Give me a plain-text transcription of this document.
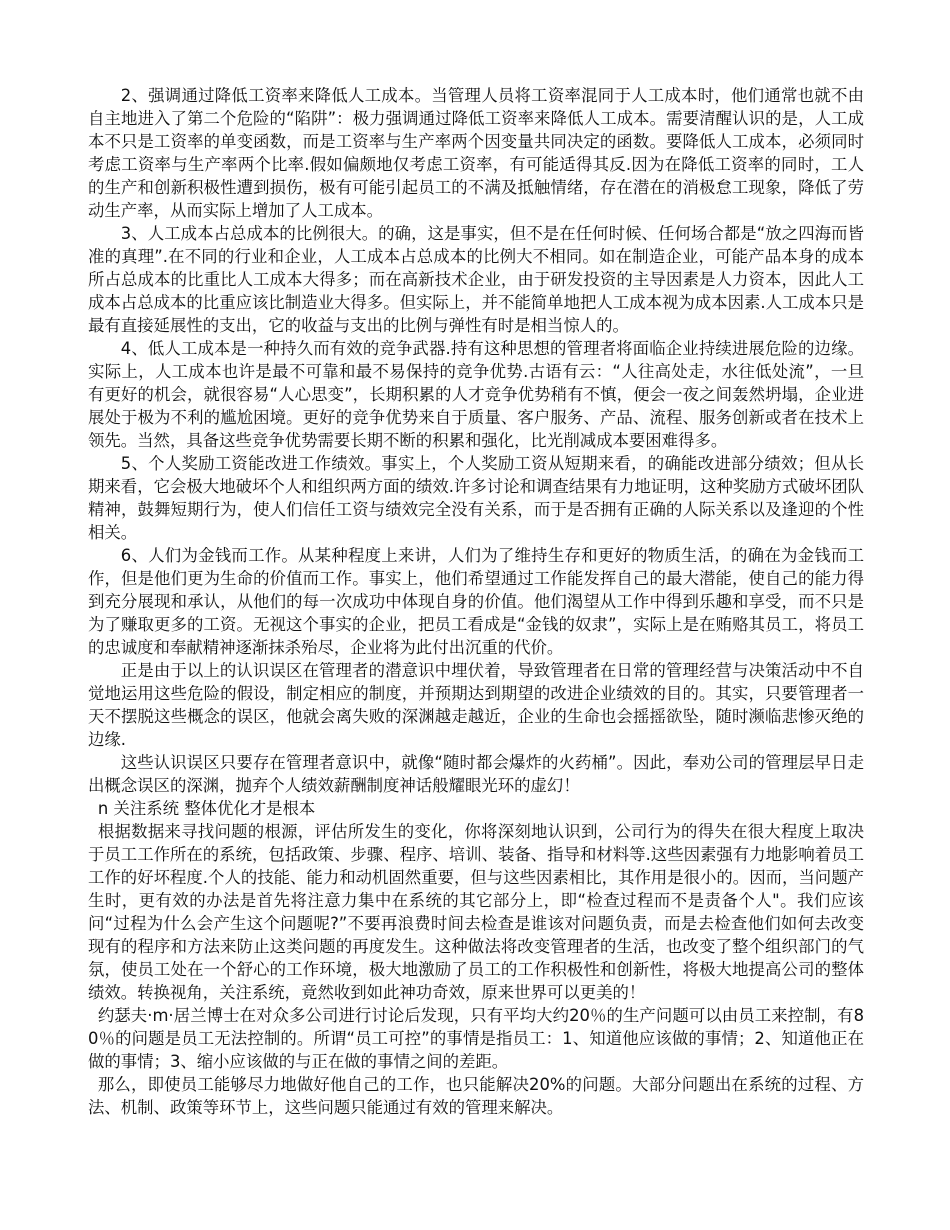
2、强调通过降低工资率来降低人工成本。当管理人员将工资率混同于人工成本时，他们通常也就不由自主地进入了第二个危险的“陷阱”：极力强调通过降低工资率来降低人工成本。需要清醒认识的是，人工成本不只是工资率的单变函数，而是工资率与生产率两个因变量共同决定的函数。要降低人工成本，必须同时考虑工资率与生产率两个比率.假如偏颇地仅考虑工资率，有可能适得其反.因为在降低工资率的同时，工人的生产和创新积极性遭到损伤，极有可能引起员工的不满及抵触情绪，存在潜在的消极怠工现象，降低了劳动生产率，从而实际上增加了人工成本。

3、人工成本占总成本的比例很大。的确，这是事实，但不是在任何时候、任何场合都是“放之四海而皆准的真理”.在不同的行业和企业，人工成本占总成本的比例大不相同。如在制造企业，可能产品本身的成本所占总成本的比重比人工成本大得多；而在高新技术企业，由于研发投资的主导因素是人力资本，因此人工成本占总成本的比重应该比制造业大得多。但实际上，并不能简单地把人工成本视为成本因素.人工成本只是最有直接延展性的支出，它的收益与支出的比例与弹性有时是相当惊人的。

4、低人工成本是一种持久而有效的竞争武器.持有这种思想的管理者将面临企业持续进展危险的边缘。实际上，人工成本也许是最不可靠和最不易保持的竞争优势.古语有云：“人往高处走，水往低处流”，一旦有更好的机会，就很容易“人心思变”，长期积累的人才竞争优势稍有不慎，便会一夜之间轰然坍塌，企业进展处于极为不利的尴尬困境。更好的竞争优势来自于质量、客户服务、产品、流程、服务创新或者在技术上领先。当然，具备这些竞争优势需要长期不断的积累和强化，比光削减成本要困难得多。

5、个人奖励工资能改进工作绩效。事实上，个人奖励工资从短期来看，的确能改进部分绩效；但从长期来看，它会极大地破坏个人和组织两方面的绩效.许多讨论和调查结果有力地证明，这种奖励方式破坏团队精神，鼓舞短期行为，使人们信任工资与绩效完全没有关系，而于是否拥有正确的人际关系以及逢迎的个性相关。

6、人们为金钱而工作。从某种程度上来讲，人们为了维持生存和更好的物质生活，的确在为金钱而工作，但是他们更为生命的价值而工作。事实上，他们希望通过工作能发挥自己的最大潜能，使自己的能力得到充分展现和承认，从他们的每一次成功中体现自身的价值。他们渴望从工作中得到乐趣和享受，而不只是为了赚取更多的工资。无视这个事实的企业，把员工看成是“金钱的奴隶”，实际上是在贿赂其员工，将员工的忠诚度和奉献精神逐渐抹杀殆尽，企业将为此付出沉重的代价。

正是由于以上的认识误区在管理者的潜意识中埋伏着，导致管理者在日常的管理经营与决策活动中不自觉地运用这些危险的假设，制定相应的制度，并预期达到期望的改进企业绩效的目的。其实，只要管理者一天不摆脱这些概念的误区，他就会离失败的深渊越走越近，企业的生命也会摇摇欲坠，随时濒临悲惨灭绝的边缘.

这些认识误区只要存在管理者意识中，就像“随时都会爆炸的火药桶”。因此，奉劝公司的管理层早日走出概念误区的深渊，抛弃个人绩效薪酬制度神话般耀眼光环的虚幻！

n 关注系统 整体优化才是根本

根据数据来寻找问题的根源，评估所发生的变化，你将深刻地认识到，公司行为的得失在很大程度上取决于员工工作所在的系统，包括政策、步骤、程序、培训、装备、指导和材料等.这些因素强有力地影响着员工工作的好坏程度.个人的技能、能力和动机固然重要，但与这些因素相比，其作用是很小的。因而，当问题产生时，更有效的办法是首先将注意力集中在系统的其它部分上，即“检查过程而不是责备个人"。我们应该问“过程为什么会产生这个问题呢?”不要再浪费时间去检查是谁该对问题负责，而是去检查他们如何去改变现有的程序和方法来防止这类问题的再度发生。这种做法将改变管理者的生活，也改变了整个组织部门的气氛，使员工处在一个舒心的工作环境，极大地激励了员工的工作积极性和创新性，将极大地提高公司的整体绩效。转换视角，关注系统，竟然收到如此神功奇效，原来世界可以更美的！

约瑟夫·m·居兰博士在对众多公司进行讨论后发现，只有平均大约20％的生产问题可以由员工来控制，有80％的问题是员工无法控制的。所谓“员工可控”的事情是指员工：1、知道他应该做的事情；2、知道他正在做的事情；3、缩小应该做的与正在做的事情之间的差距。

那么，即使员工能够尽力地做好他自己的工作，也只能解决20%的问题。大部分问题出在系统的过程、方法、机制、政策等环节上，这些问题只能通过有效的管理来解决。
